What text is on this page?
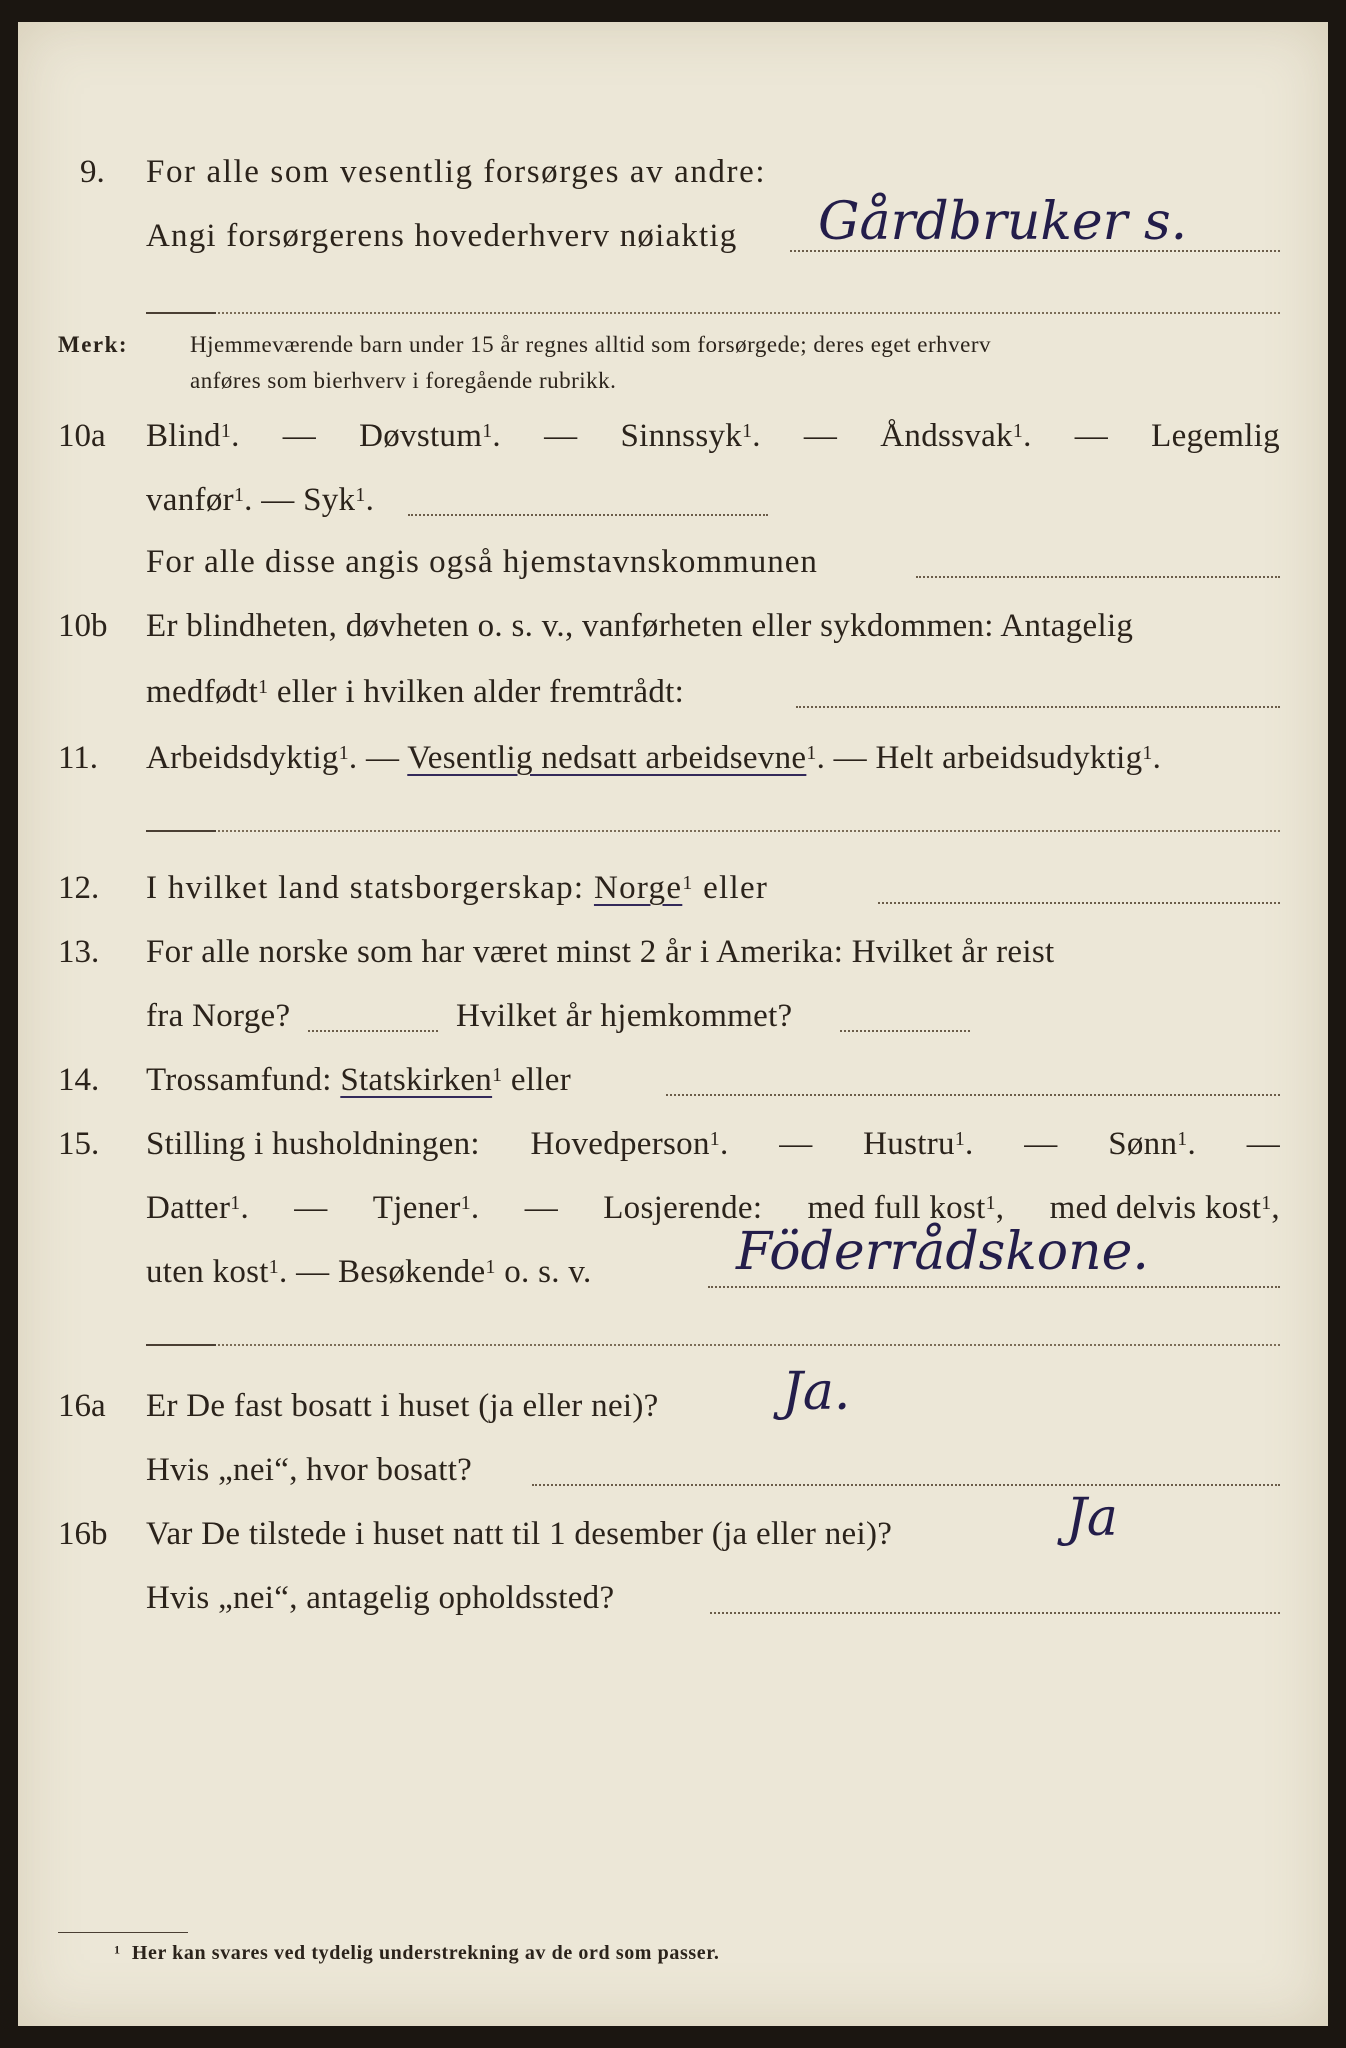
9. For alle som vesentlig forsørges av andre:
Angi forsørgerens hovederhverv nøiaktig Gårdbruker s.
Merk:	Hjemmeværende barn under 15 år regnes alltid som forsørgede; deres eget erhverv
anføres som bierhverv i foregående rubrikk.
10a Blind$^1$. — Døvstum$^1$. — Sinnssyk$^1$. — Åndssvak$^1$. — Legemlig
vanfør$^1$. — Syk$^1$.
For alle disse angis også hjemstavnskommunen
10b Er blindheten, døvheten o. s. v., vanførheten eller sykdommen: Antagelig
medfødt$^1$ eller i hvilken alder fremtrådt:
11. Arbeidsdyktig$^1$. — Vesentlig nedsatt arbeidsevne$^1$. — Helt arbeidsudyktig$^1$.
12. I hvilket land statsborgerskap: Norge$^1$ eller
13. For alle norske som har været minst 2 år i Amerika: Hvilket år reist
fra Norge?	Hvilket år hjemkommet?
14. Trossamfund: Statskirken$^1$ eller
15. Stilling i husholdningen: Hovedperson$^1$. — Hustru$^1$. — Sønn$^1$. —
Datter$^1$. — Tjener$^1$. — Losjerende: med full kost$^1$, med delvis kost$^1$,
uten kost$^1$. — Besøkende$^1$ o. s. v.	Föderrådskone.
16a Er De fast bosatt i huset (ja eller nei)? Ja.
Hvis „nei“, hvor bosatt?
16b Var De tilstede i huset natt til 1 desember (ja eller nei)?	Ja
Hvis „nei“, antagelig opholdssted?
$^1$ Her kan svares ved tydelig understrekning av de ord som passer.
